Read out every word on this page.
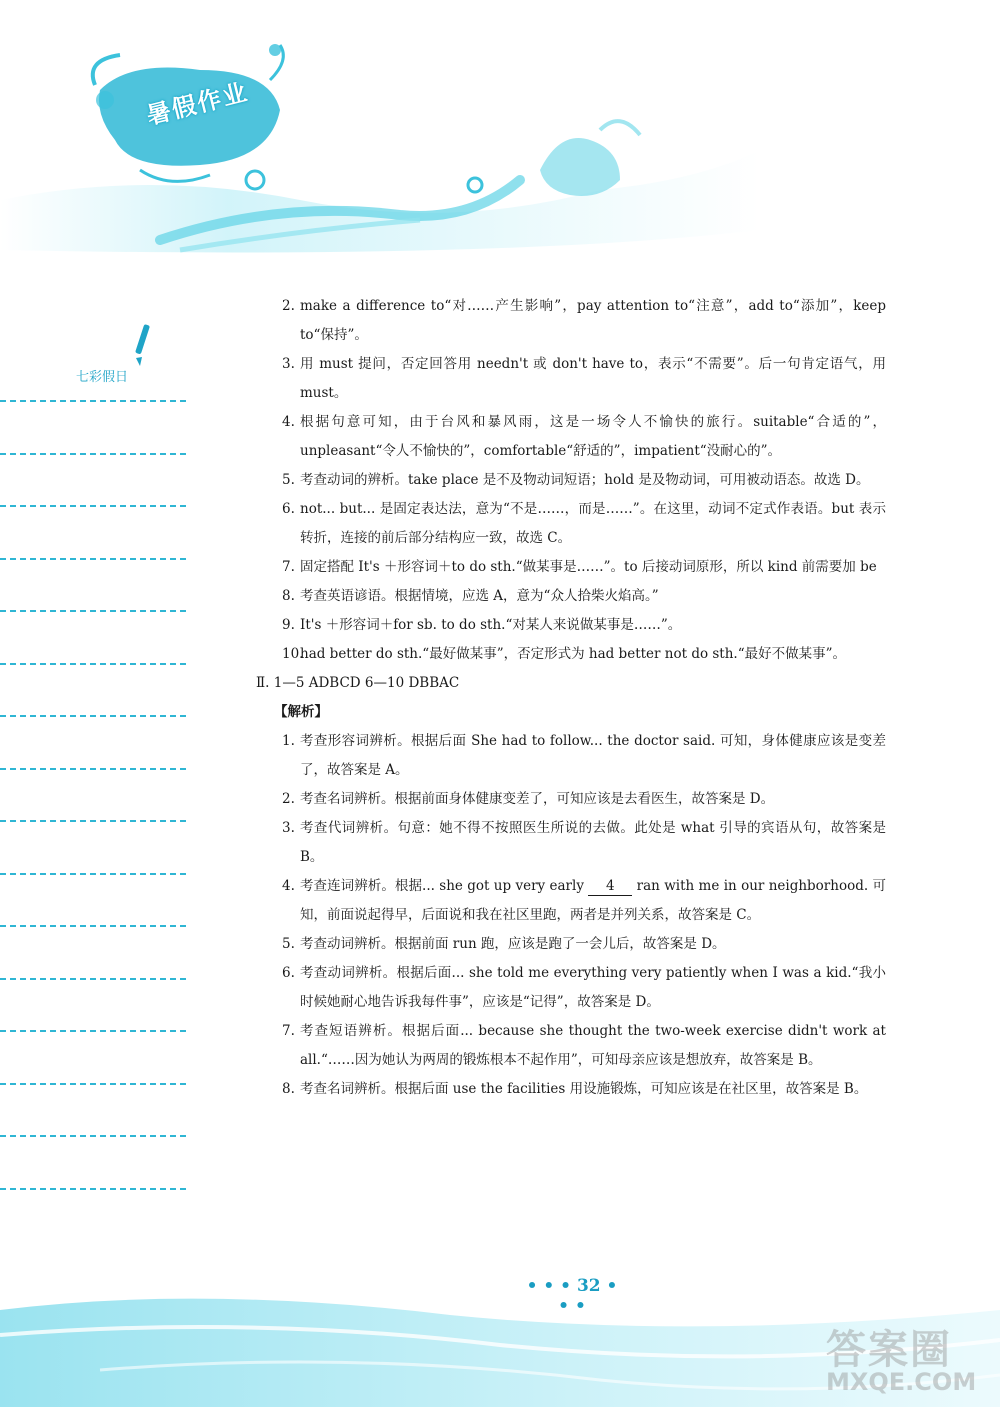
暑假作业
七彩假日
2. make a difference to“对……产生影响”，pay attention to“注意”，add to“添加”，keep to“保持”。
3. 用 must 提问，否定回答用 needn't 或 don't have to，表示“不需要”。后一句肯定语气，用 must。
4. 根据句意可知，由于台风和暴风雨，这是一场令人不愉快的旅行。suitable“合适的”，unpleasant“令人不愉快的”，comfortable“舒适的”，impatient“没耐心的”。
5. 考查动词的辨析。take place 是不及物动词短语；hold 是及物动词，可用被动语态。故选 D。
6. not... but... 是固定表达法，意为“不是……，而是……”。在这里，动词不定式作表语。but 表示转折，连接的前后部分结构应一致，故选 C。
7. 固定搭配 It's ＋形容词＋to do sth.“做某事是……”。to 后接动词原形，所以 kind 前需要加 be
8. 考查英语谚语。根据情境，应选 A，意为“众人拾柴火焰高。”
9. It's ＋形容词＋for sb. to do sth.“对某人来说做某事是……”。
10.
had better do sth.“最好做某事”，否定形式为 had better not do sth.“最好不做某事”。
Ⅱ. 1—5 ADBCD 6—10 DBBAC
【解析】
1. 考查形容词辨析。根据后面 She had to follow... the doctor said. 可知，身体健康应该是变差了，故答案是 A。
2. 考查名词辨析。根据前面身体健康变差了，可知应该是去看医生，故答案是 D。
3. 考查代词辨析。句意：她不得不按照医生所说的去做。此处是 what 引导的宾语从句，故答案是 B。
4. 考查连词辨析。根据... she got up very early 4 ran with me in our neighborhood. 可知，前面说起得早，后面说和我在社区里跑，两者是并列关系，故答案是 C。
5. 考查动词辨析。根据前面 run 跑，应该是跑了一会儿后，故答案是 D。
6. 考查动词辨析。根据后面... she told me everything very patiently when I was a kid.“我小时候她耐心地告诉我每件事”，应该是“记得”，故答案是 D。
7. 考查短语辨析。根据后面... because she thought the two-week exercise didn't work at all.“……因为她认为两周的锻炼根本不起作用”，可知母亲应该是想放弃，故答案是 B。
8. 考查名词辨析。根据后面 use the facilities 用设施锻炼，可知应该是在社区里，故答案是 B。
• • • 32 • • •
答案圈
MXQE.COM
